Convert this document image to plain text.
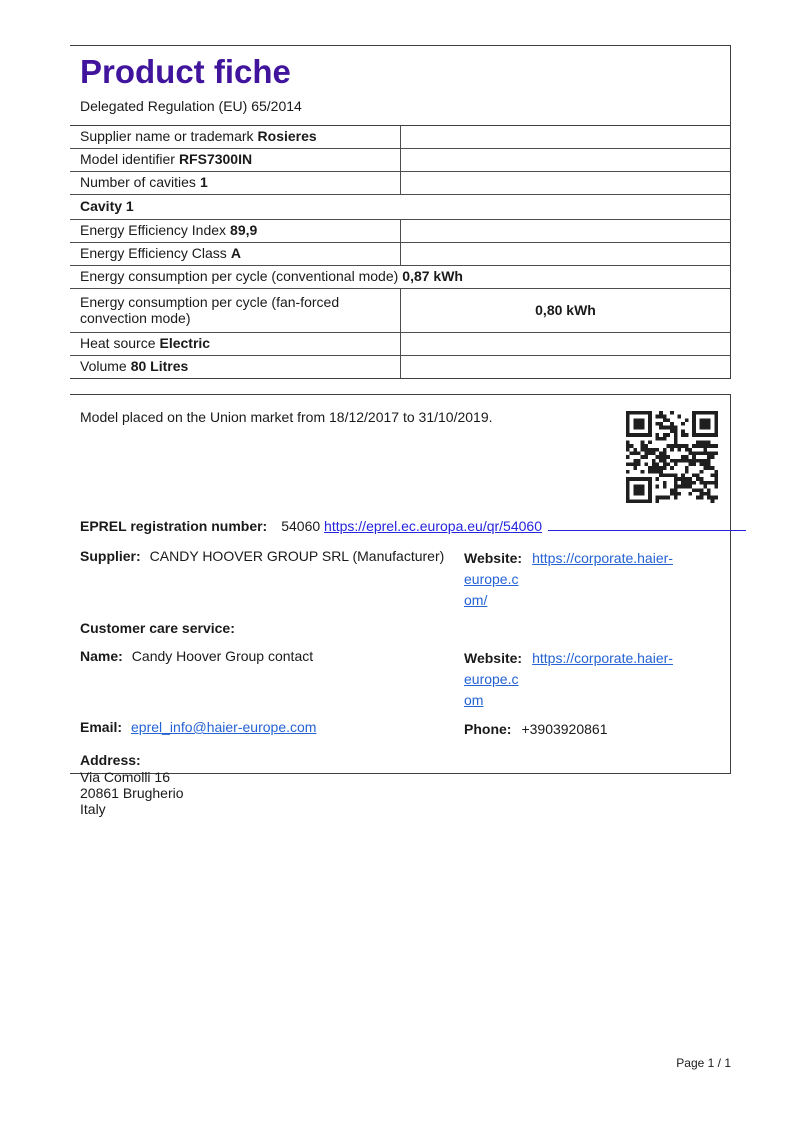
Product fiche
Delegated Regulation (EU) 65/2014
Supplier name or trademark Rosieres
Model identifier RFS7300IN
Number of cavities 1
Cavity 1
Energy Efficiency Index 89,9
Energy Efficiency Class A
Energy consumption per cycle (conventional mode) 0,87 kWh
Energy consumption per cycle (fan-forced convection mode)	0,80 kWh
Heat source Electric
Volume 80 Litres
Model placed on the Union market from 18/12/2017 to 31/10/2019.
EPREL registration number: 54060 https://eprel.ec.europa.eu/qr/54060
Supplier: CANDY HOOVER GROUP SRL (Manufacturer)	Website: https://corporate.haier-europe.c
om/
Customer care service:
Name: Candy Hoover Group contact	Website: https://corporate.haier-europe.c
om
Email: eprel_info@haier-europe.com	Phone: +3903920861
Address:
Via Comolli 16
20861 Brugherio
Italy
Page 1 / 1
